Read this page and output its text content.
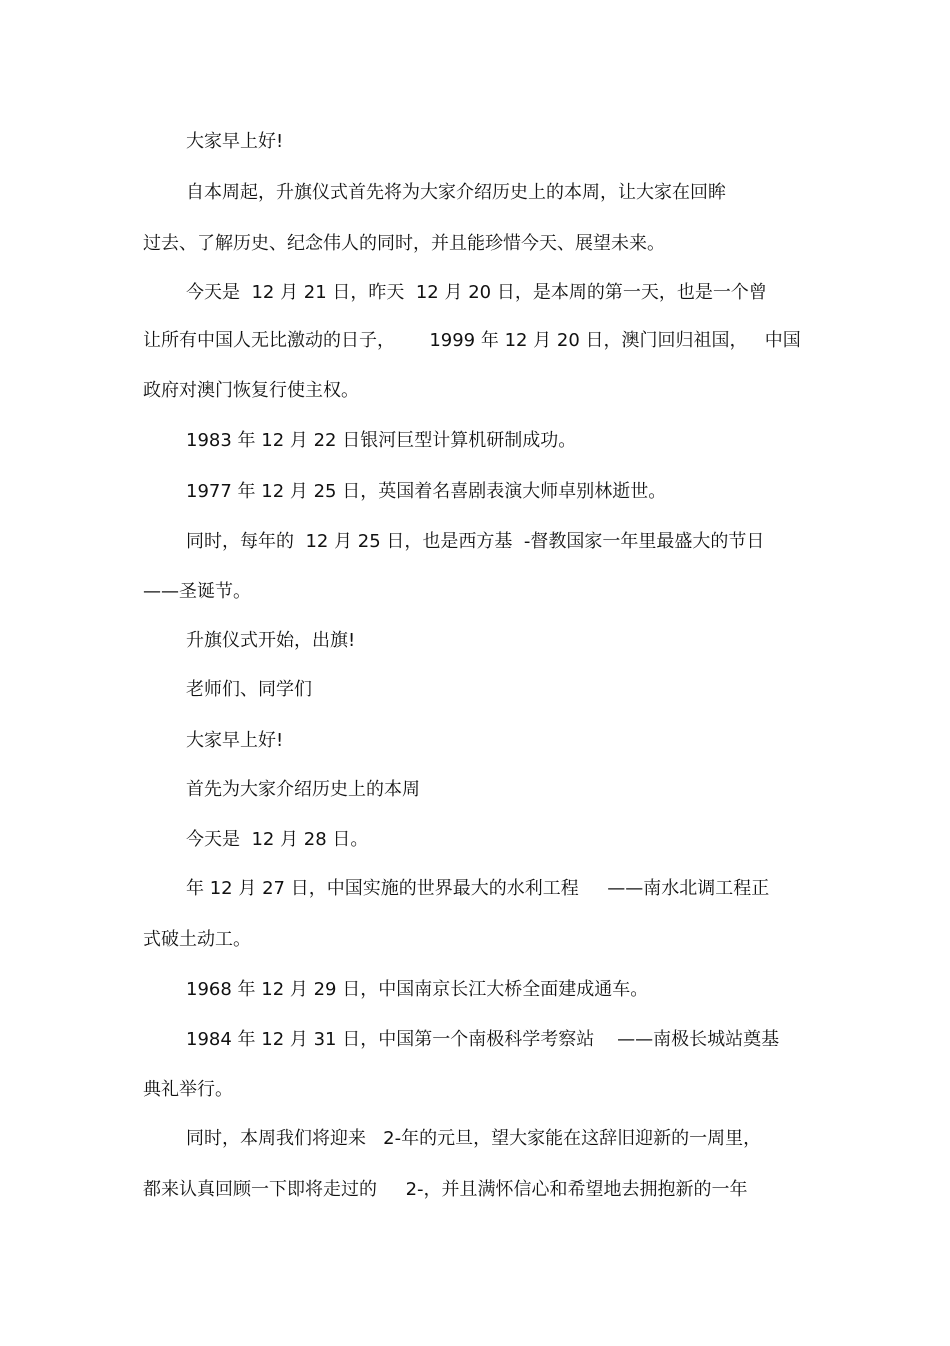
大家早上好!
自本周起，升旗仪式首先将为大家介绍历史上的本周，让大家在回眸
过去、了解历史、纪念伟人的同时，并且能珍惜今天、展望未来。
今天是  12 月 21 日，昨天  12 月 20 日，是本周的第一天，也是一个曾
让所有中国人无比激动的日子，      1999 年 12 月 20 日，澳门回归祖国，   中国
政府对澳门恢复行使主权。
1983 年 12 月 22 日银河巨型计算机研制成功。
1977 年 12 月 25 日，英国着名喜剧表演大师卓别林逝世。
同时，每年的  12 月 25 日，也是西方基  -督教国家一年里最盛大的节日
——圣诞节。
升旗仪式开始，出旗!
老师们、同学们
大家早上好!
首先为大家介绍历史上的本周
今天是  12 月 28 日。
年 12 月 27 日，中国实施的世界最大的水利工程     ——南水北调工程正
式破土动工。
1968 年 12 月 29 日，中国南京长江大桥全面建成通车。
1984 年 12 月 31 日，中国第一个南极科学考察站    ——南极长城站奠基
典礼举行。
同时，本周我们将迎来   2-年的元旦，望大家能在这辞旧迎新的一周里，
都来认真回顾一下即将走过的     2-，并且满怀信心和希望地去拥抱新的一年
